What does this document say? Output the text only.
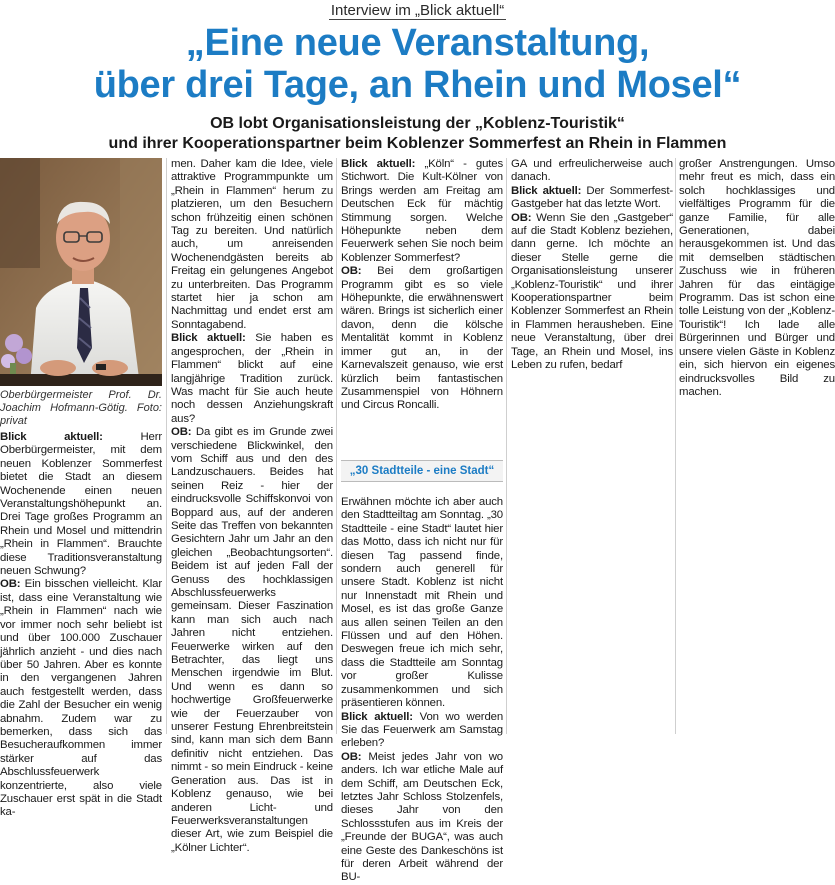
Interview im „Blick aktuell“
„Eine neue Veranstaltung,
über drei Tage, an Rhein und Mosel“
OB lobt Organisationsleistung der „Koblenz-Touristik“
und ihrer Kooperationspartner beim Koblenzer Sommerfest an Rhein in Flammen
Oberbürgermeister Prof. Dr. Joachim Hofmann-Götig. Foto: privat

Blick aktuell: Herr Oberbürgermeister, mit dem neuen Koblenzer Sommerfest bietet die Stadt an diesem Wochenende einen neuen Veranstaltungshöhepunkt an. Drei Tage großes Programm an Rhein und Mosel und mittendrin „Rhein in Flammen“. Brauchte diese Traditionsveranstaltung neuen Schwung?

OB: Ein bisschen vielleicht. Klar ist, dass eine Veranstaltung wie „Rhein in Flammen“ nach wie vor immer noch sehr beliebt ist und über 100.000 Zuschauer jährlich anzieht - und dies nach über 50 Jahren. Aber es konnte in den vergangenen Jahren auch festgestellt werden, dass die Zahl der Besucher ein wenig abnahm. Zudem war zu bemerken, dass sich das Besucheraufkommen immer stärker auf das Abschlussfeuerwerk konzentrierte, also viele Zuschauer erst spät in die Stadt ka-

men. Daher kam die Idee, viele attraktive Programmpunkte um „Rhein in Flammen“ herum zu platzieren, um den Besuchern schon frühzeitig einen schönen Tag zu bereiten. Und natürlich auch, um anreisenden Wochenendgästen bereits ab Freitag ein gelungenes Angebot zu unterbreiten. Das Programm startet hier ja schon am Nachmittag und endet erst am Sonntagabend.

Blick aktuell: Sie haben es angesprochen, der „Rhein in Flammen“ blickt auf eine langjährige Tradition zurück. Was macht für Sie auch heute noch dessen Anziehungskraft aus?

OB: Da gibt es im Grunde zwei verschiedene Blickwinkel, den vom Schiff aus und den des Landzuschauers. Beides hat seinen Reiz - hier der eindrucksvolle Schiffskonvoi von Boppard aus, auf der anderen Seite das Treffen von bekannten Gesichtern Jahr um Jahr an den gleichen „Beobachtungsorten“. Beidem ist auf jeden Fall der Genuss des hochklassigen Abschlussfeuerwerks gemeinsam. Dieser Faszination kann man sich auch nach Jahren nicht entziehen. Feuerwerke wirken auf den Betrachter, das liegt uns Menschen irgendwie im Blut. Und wenn es dann so hochwertige Großfeuerwerke wie der Feuerzauber von unserer Festung Ehrenbreitstein sind, kann man sich dem Bann definitiv nicht entziehen. Das nimmt - so mein Eindruck - keine Generation aus. Das ist in Koblenz genauso, wie bei anderen Licht- und Feuerwerksveranstaltungen dieser Art, wie zum Beispiel die „Kölner Lichter“.

Blick aktuell: „Köln“ - gutes Stichwort. Die Kult-Kölner von Brings werden am Freitag am Deutschen Eck für mächtig Stimmung sorgen. Welche Höhepunkte neben dem Feuerwerk sehen Sie noch beim Koblenzer Sommerfest?

OB: Bei dem großartigen Programm gibt es so viele Höhepunkte, die erwähnenswert wären. Brings ist sicherlich einer davon, denn die kölsche Mentalität kommt in Koblenz immer gut an, in der Karnevalszeit genauso, wie erst kürzlich beim fantastischen Zusammenspiel von Höhnern und Circus Roncalli.

„30 Stadtteile - eine Stadt“

Erwähnen möchte ich aber auch den Stadtteiltag am Sonntag. „30 Stadtteile - eine Stadt“ lautet hier das Motto, dass ich nicht nur für diesen Tag passend finde, sondern auch generell für unsere Stadt. Koblenz ist nicht nur Innenstadt mit Rhein und Mosel, es ist das große Ganze aus allen seinen Teilen an den Flüssen und auf den Höhen. Deswegen freue ich mich sehr, dass die Stadtteile am Sonntag vor großer Kulisse zusammenkommen und sich präsentieren können.

Blick aktuell: Von wo werden Sie das Feuerwerk am Samstag erleben?

OB: Meist jedes Jahr von wo anders. Ich war etliche Male auf dem Schiff, am Deutschen Eck, letztes Jahr Schloss Stolzenfels, dieses Jahr von den Schlossstufen aus im Kreis der „Freunde der BUGA“, was auch eine Geste des Dankeschöns ist für deren Arbeit während der BU-

GA und erfreulicherweise auch danach.

Blick aktuell: Der Sommerfest-Gastgeber hat das letzte Wort.

OB: Wenn Sie den „Gastgeber“ auf die Stadt Koblenz beziehen, dann gerne. Ich möchte an dieser Stelle gerne die Organisationsleistung unserer „Koblenz-Touristik“ und ihrer Kooperationspartner beim Koblenzer Sommerfest an Rhein in Flammen herausheben. Eine neue Veranstaltung, über drei Tage, an Rhein und Mosel, ins Leben zu rufen, bedarf

großer Anstrengungen. Umso mehr freut es mich, dass ein solch hochklassiges und vielfältiges Programm für die ganze Familie, für alle Generationen, dabei herausgekommen ist. Und das mit demselben städtischen Zuschuss wie in früheren Jahren für das eintägige Programm. Das ist schon eine tolle Leistung von der „Koblenz-Touristik“! Ich lade alle Bürgerinnen und Bürger und unsere vielen Gäste in Koblenz ein, sich hiervon ein eigenes eindrucksvolles Bild zu machen.
